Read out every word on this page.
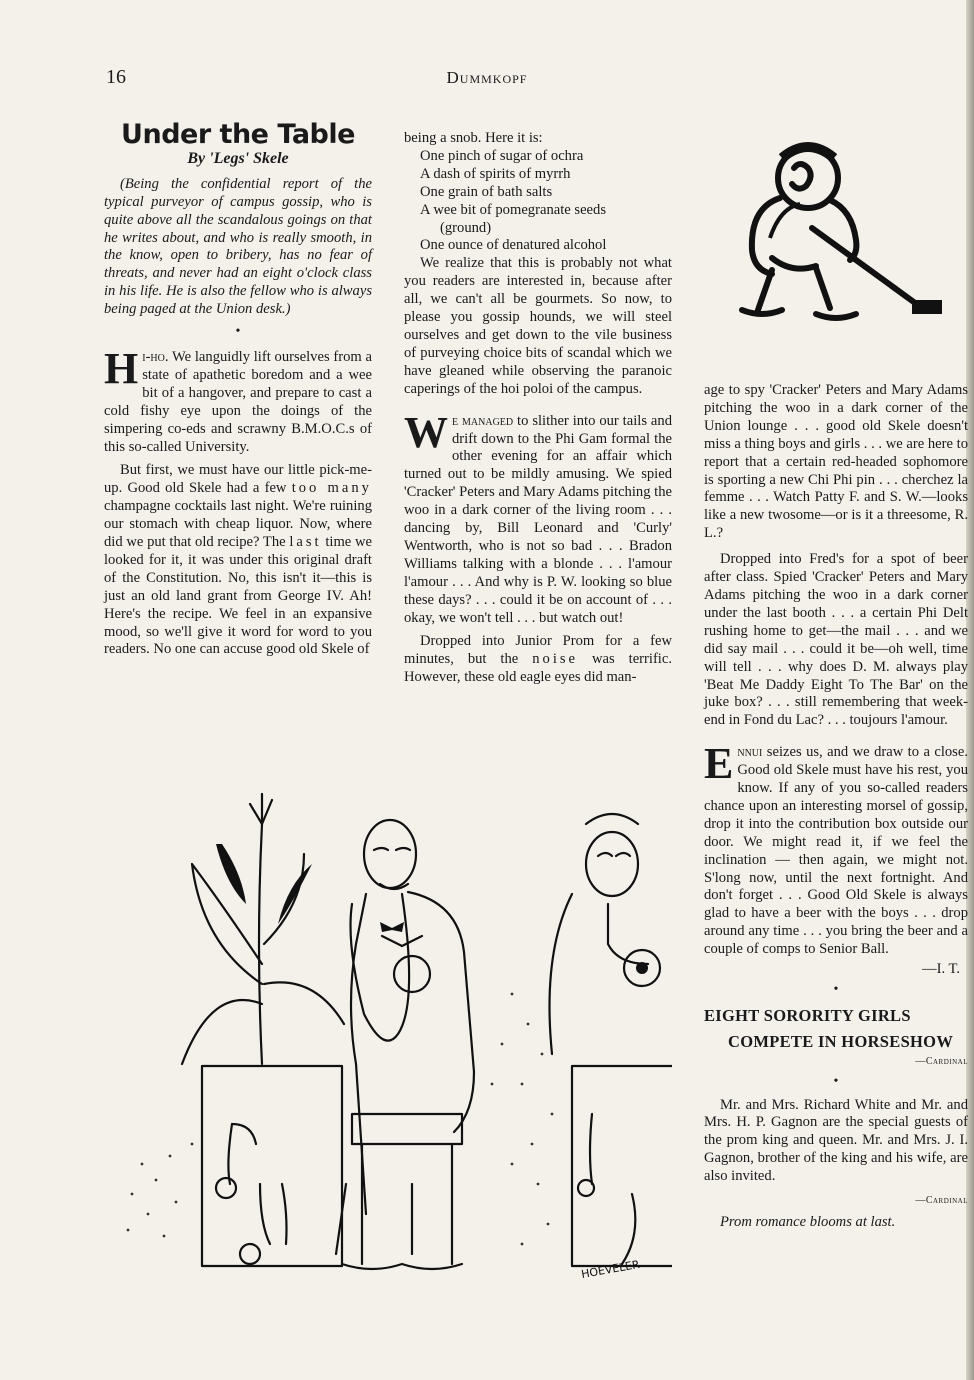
16	Dummkopf
Under the Table
By 'Legs' Skele

(Being the confidential report of the typical purveyor of campus gossip, who is quite above all the scandalous goings on that he writes about, and who is really smooth, in the know, open to bribery, has no fear of threats, and never had an eight o'clock class in his life. He is also the fellow who is always being paged at the Union desk.)

•

Hi-ho. We languidly lift ourselves from a state of apathetic boredom and a wee bit of a hangover, and prepare to cast a cold fishy eye upon the doings of the simpering co-eds and scrawny B.M.O.C.s of this so-called University.

But first, we must have our little pick-me-up. Good old Skele had a few too many champagne cocktails last night. We're ruining our stomach with cheap liquor. Now, where did we put that old recipe? The last time we looked for it, it was under this original draft of the Constitution. No, this isn't it—this is just an old land grant from George IV. Ah! Here's the recipe. We feel in an expansive mood, so we'll give it word for word to you readers. No one can accuse good old Skele of

being a snob. Here it is:

One pinch of sugar of ochra
A dash of spirits of myrrh
One grain of bath salts
A wee bit of pomegranate seeds
(ground)
One ounce of denatured alcohol

We realize that this is probably not what you readers are interested in, because after all, we can't all be gourmets. So now, to please you gossip hounds, we will steel ourselves and get down to the vile business of purveying choice bits of scandal which we have gleaned while observing the paranoic caperings of the hoi poloi of the campus.

We managed to slither into our tails and drift down to the Phi Gam formal the other evening for an affair which turned out to be mildly amusing. We spied 'Cracker' Peters and Mary Adams pitching the woo in a dark corner of the living room . . . dancing by, Bill Leonard and 'Curly' Wentworth, who is not so bad . . . Bradon Williams talking with a blonde . . . l'amour l'amour . . . And why is P. W. looking so blue these days? . . . could it be on account of . . . okay, we won't tell . . . but watch out!

Dropped into Junior Prom for a few minutes, but the noise was terrific. However, these old eagle eyes did man-

age to spy 'Cracker' Peters and Mary Adams pitching the woo in a dark corner of the Union lounge . . . good old Skele doesn't miss a thing boys and girls . . . we are here to report that a certain red-headed sophomore is sporting a new Chi Phi pin . . . cherchez la femme . . . Watch Patty F. and S. W.—looks like a new twosome—or is it a threesome, R. L.?

Dropped into Fred's for a spot of beer after class. Spied 'Cracker' Peters and Mary Adams pitching the woo in a dark corner under the last booth . . . a certain Phi Delt rushing home to get—the mail . . . and we did say mail . . . could it be—oh well, time will tell . . . why does D. M. always play 'Beat Me Daddy Eight To The Bar' on the juke box? . . . still remembering that week-end in Fond du Lac? . . . toujours l'amour.

Ennui seizes us, and we draw to a close. Good old Skele must have his rest, you know. If any of you so-called readers chance upon an interesting morsel of gossip, drop it into the contribution box outside our door. We might read it, if we feel the inclination — then again, we might not. S'long now, until the next fortnight. And don't forget . . . Good Old Skele is always glad to have a beer with the boys . . . drop around any time . . . you bring the beer and a couple of comps to Senior Ball.

—I. T.
•
EIGHT SORORITY GIRLS
COMPETE IN HORSESHOW
—Cardinal
•

Mr. and Mrs. Richard White and Mr. and Mrs. H. P. Gagnon are the special guests of the prom king and queen. Mr. and Mrs. J. I. Gagnon, brother of the king and his wife, are also invited.

—Cardinal
Prom romance blooms at last.
HOEVELER
